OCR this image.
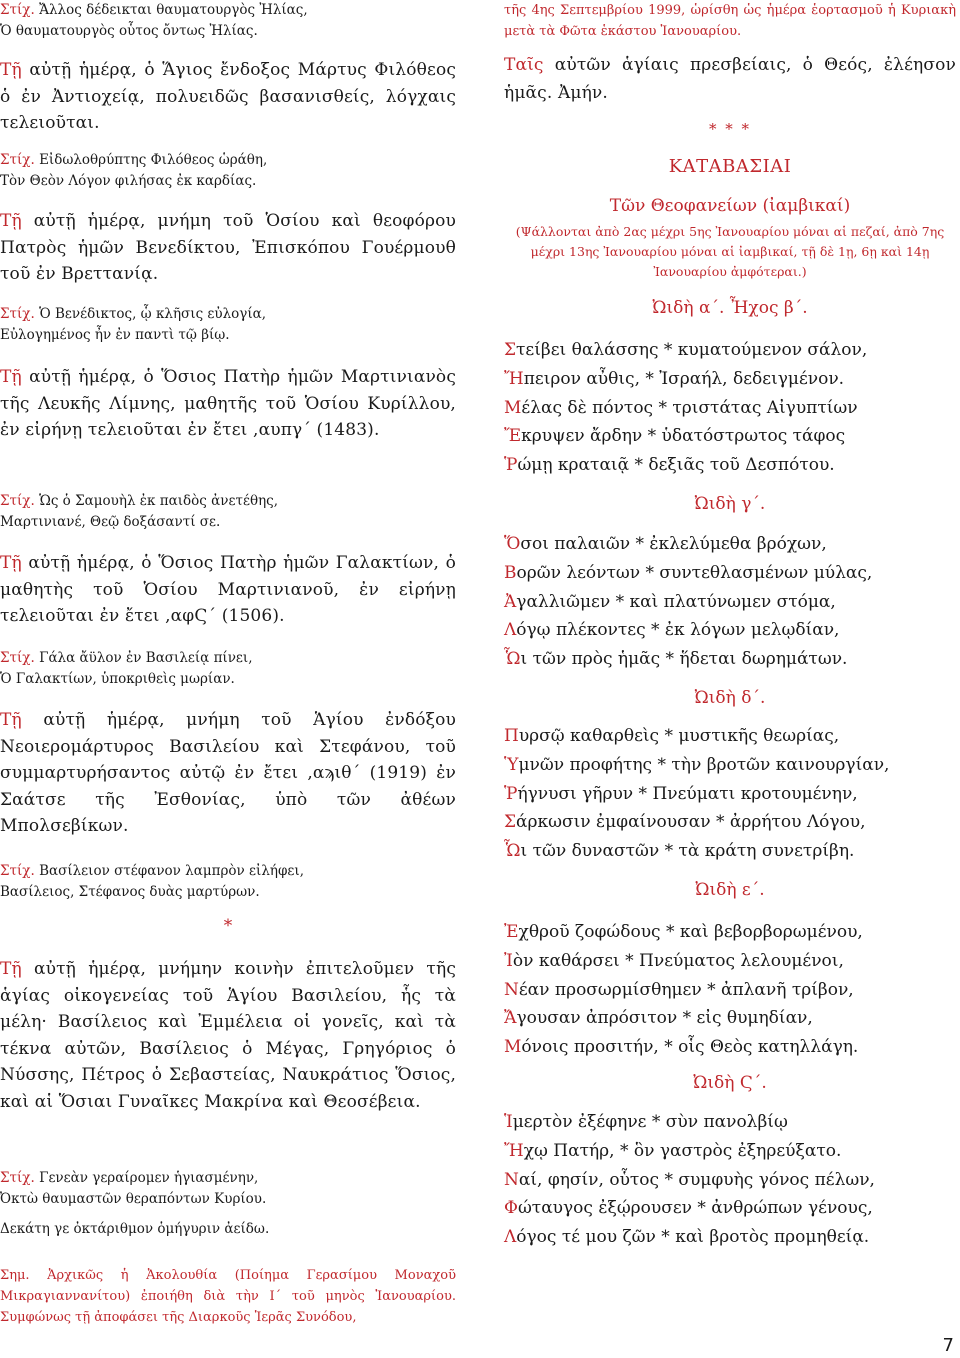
Στίχ. Ἄλλος δέδεικται θαυματουργὸς Ἠλίας,
Ὁ θαυματουργὸς οὗτος ὄντως Ἠλίας.
Τῇ αὐτῇ ἡμέρᾳ, ὁ Ἅγιος ἔνδοξος Μάρτυς Φιλόθεος ὁ ἐν Ἀντιοχείᾳ, πολυειδῶς βασανισθείς, λόγχαις τελειοῦται.
Στίχ. Εἰδωλοθρύπτης Φιλόθεος ὡράθη,
Τὸν Θεὸν Λόγον φιλήσας ἐκ καρδίας.
Τῇ αὐτῇ ἡμέρᾳ, μνήμη τοῦ Ὁσίου καὶ θεοφόρου Πατρὸς ἡμῶν Βενεδίκτου, Ἐπισκόπου Γουέρμουθ τοῦ ἐν Βρεττανίᾳ.
Στίχ. Ὁ Βενέδικτος, ᾧ κλῆσις εὐλογία,
Εὐλογημένος ἦν ἐν παντὶ τῷ βίῳ.
Τῇ αὐτῇ ἡμέρᾳ, ὁ Ὅσιος Πατὴρ ἡμῶν Μαρτινιανὸς τῆς Λευκῆς Λίμνης, μαθητῆς τοῦ Ὁσίου Κυρίλλου, ἐν εἰρήνῃ τελειοῦται ἐν ἔτει ,αυπγ´ (1483).
Στίχ. Ὡς ὁ Σαμουὴλ ἐκ παιδὸς ἀνετέθης,
Μαρτινιανέ, Θεῷ δοξάσαντί σε.
Τῇ αὐτῇ ἡμέρᾳ, ὁ Ὅσιος Πατὴρ ἡμῶν Γαλακτίων, ὁ μαθητὴς τοῦ Ὁσίου Μαρτινιανοῦ, ἐν εἰρήνῃ τελειοῦται ἐν ἔτει ,αφϚ´ (1506).
Στίχ. Γάλα ἄϋλον ἐν Βασιλείᾳ πίνει,
Ὁ Γαλακτίων, ὑποκριθεὶς μωρίαν.
Τῇ αὐτῇ ἡμέρᾳ, μνήμη τοῦ Ἁγίου ἐνδόξου Νεοιερομάρτυρος Βασιλείου καὶ Στεφάνου, τοῦ συμμαρτυρήσαντος αὐτῷ ἐν ἔτει ,αϡιθ´ (1919) ἐν Σαάτσε τῆς Ἐσθονίας, ὑπὸ τῶν ἀθέων Μπολσεβίκων.
Στίχ. Βασίλειον στέφανον λαμπρὸν εἰλήφει,
Βασίλειος, Στέφανος δυὰς μαρτύρων.
*
Τῇ αὐτῇ ἡμέρᾳ, μνήμην κοινὴν ἐπιτελοῦμεν τῆς ἁγίας οἰκογενείας τοῦ Ἁγίου Βασιλείου, ἧς τὰ μέλη· Βασίλειος καὶ Ἐμμέλεια οἱ γονεῖς, καὶ τὰ τέκνα αὐτῶν, Βασίλειος ὁ Μέγας, Γρηγόριος ὁ Νύσσης, Πέτρος ὁ Σεβαστείας, Ναυκράτιος Ὅσιος, καὶ αἱ Ὅσιαι Γυναῖκες Μακρίνα καὶ Θεοσέβεια.
Στίχ. Γενεὰν γεραίρομεν ἡγιασμένην,
Ὀκτὼ θαυμαστῶν θεραπόντων Κυρίου.
Δεκάτη γε ὀκτάριθμον ὁμήγυριν ἀείδω.
Σημ. Ἀρχικῶς ἡ Ἀκολουθία (Ποίημα Γερασίμου Μοναχοῦ Μικραγιαννανίτου) ἐποιήθη διὰ τὴν Ι´ τοῦ μηνὸς Ἰανουαρίου. Συμφώνως τῇ ἀποφάσει τῆς Διαρκοῦς Ἱερᾶς Συνόδου,
τῆς 4ης Σεπτεμβρίου 1999, ὡρίσθη ὡς ἡμέρα ἑορτασμοῦ ἡ Κυριακὴ μετὰ τὰ Φῶτα ἑκάστου Ἰανουαρίου.
Ταῖς αὐτῶν ἁγίαις πρεσβείαις, ὁ Θεός, ἐλέησον ἡμᾶς. Ἀμήν.
* * *
ΚΑΤΑΒΑΣΙΑΙ
Τῶν Θεοφανείων (ἰαμβικαί)
(Ψάλλονται ἀπὸ 2ας μέχρι 5ης Ἰανουαρίου μόναι αἱ πεζαί, ἀπὸ 7ης μέχρι 13ης Ἰανουαρίου μόναι αἱ ἰαμβικαί, τῇ δὲ 1ῃ, 6ῃ καὶ 14ῃ Ἰανουαρίου ἀμφότεραι.)
Ὠιδὴ α´. Ἦχος β´.
Στείβει θαλάσσης * κυματούμενον σάλον,
Ἤπειρον αὖθις, * Ἰσραήλ, δεδειγμένον.
Μέλας δὲ πόντος * τριστάτας Αἰγυπτίων
Ἔκρυψεν ἄρδην * ὑδατόστρωτος τάφος
Ῥώμῃ κραταιᾷ * δεξιᾶς τοῦ Δεσπότου.
Ὠιδὴ γ´.
Ὅσοι παλαιῶν * ἐκλελύμεθα βρόχων,
Βορῶν λεόντων * συντεθλασμένων μύλας,
Ἀγαλλιῶμεν * καὶ πλατύνωμεν στόμα,
Λόγῳ πλέκοντες * ἐκ λόγων μελῳδίαν,
Ὧι τῶν πρὸς ἡμᾶς * ἥδεται δωρημάτων.
Ὠιδὴ δ´.
Πυρσῷ καθαρθεὶς * μυστικῆς θεωρίας,
Ὑμνῶν προφήτης * τὴν βροτῶν καινουργίαν,
Ῥήγνυσι γῆρυν * Πνεύματι κροτουμένην,
Σάρκωσιν ἐμφαίνουσαν * ἀρρήτου Λόγου,
Ὧι τῶν δυναστῶν * τὰ κράτη συνετρίβη.
Ὠιδὴ ε´.
Ἐχθροῦ ζοφώδους * καὶ βεβορβορωμένου,
Ἰὸν καθάρσει * Πνεύματος λελουμένοι,
Νέαν προσωρμίσθημεν * ἀπλανῆ τρίβον,
Ἄγουσαν ἀπρόσιτον * εἰς θυμηδίαν,
Μόνοις προσιτήν, * οἷς Θεὸς κατηλλάγη.
Ὠιδὴ Ϛ´.
Ἱμερτὸν ἐξέφηνε * σὺν πανολβίῳ
Ἤχῳ Πατήρ, * ὃν γαστρὸς ἐξηρεύξατο.
Ναί, φησίν, οὗτος * συμφυὴς γόνος πέλων,
Φώταυγος ἐξῴρουσεν * ἀνθρώπων γένους,
Λόγος τέ μου ζῶν * καὶ βροτὸς προμηθείᾳ.
7
